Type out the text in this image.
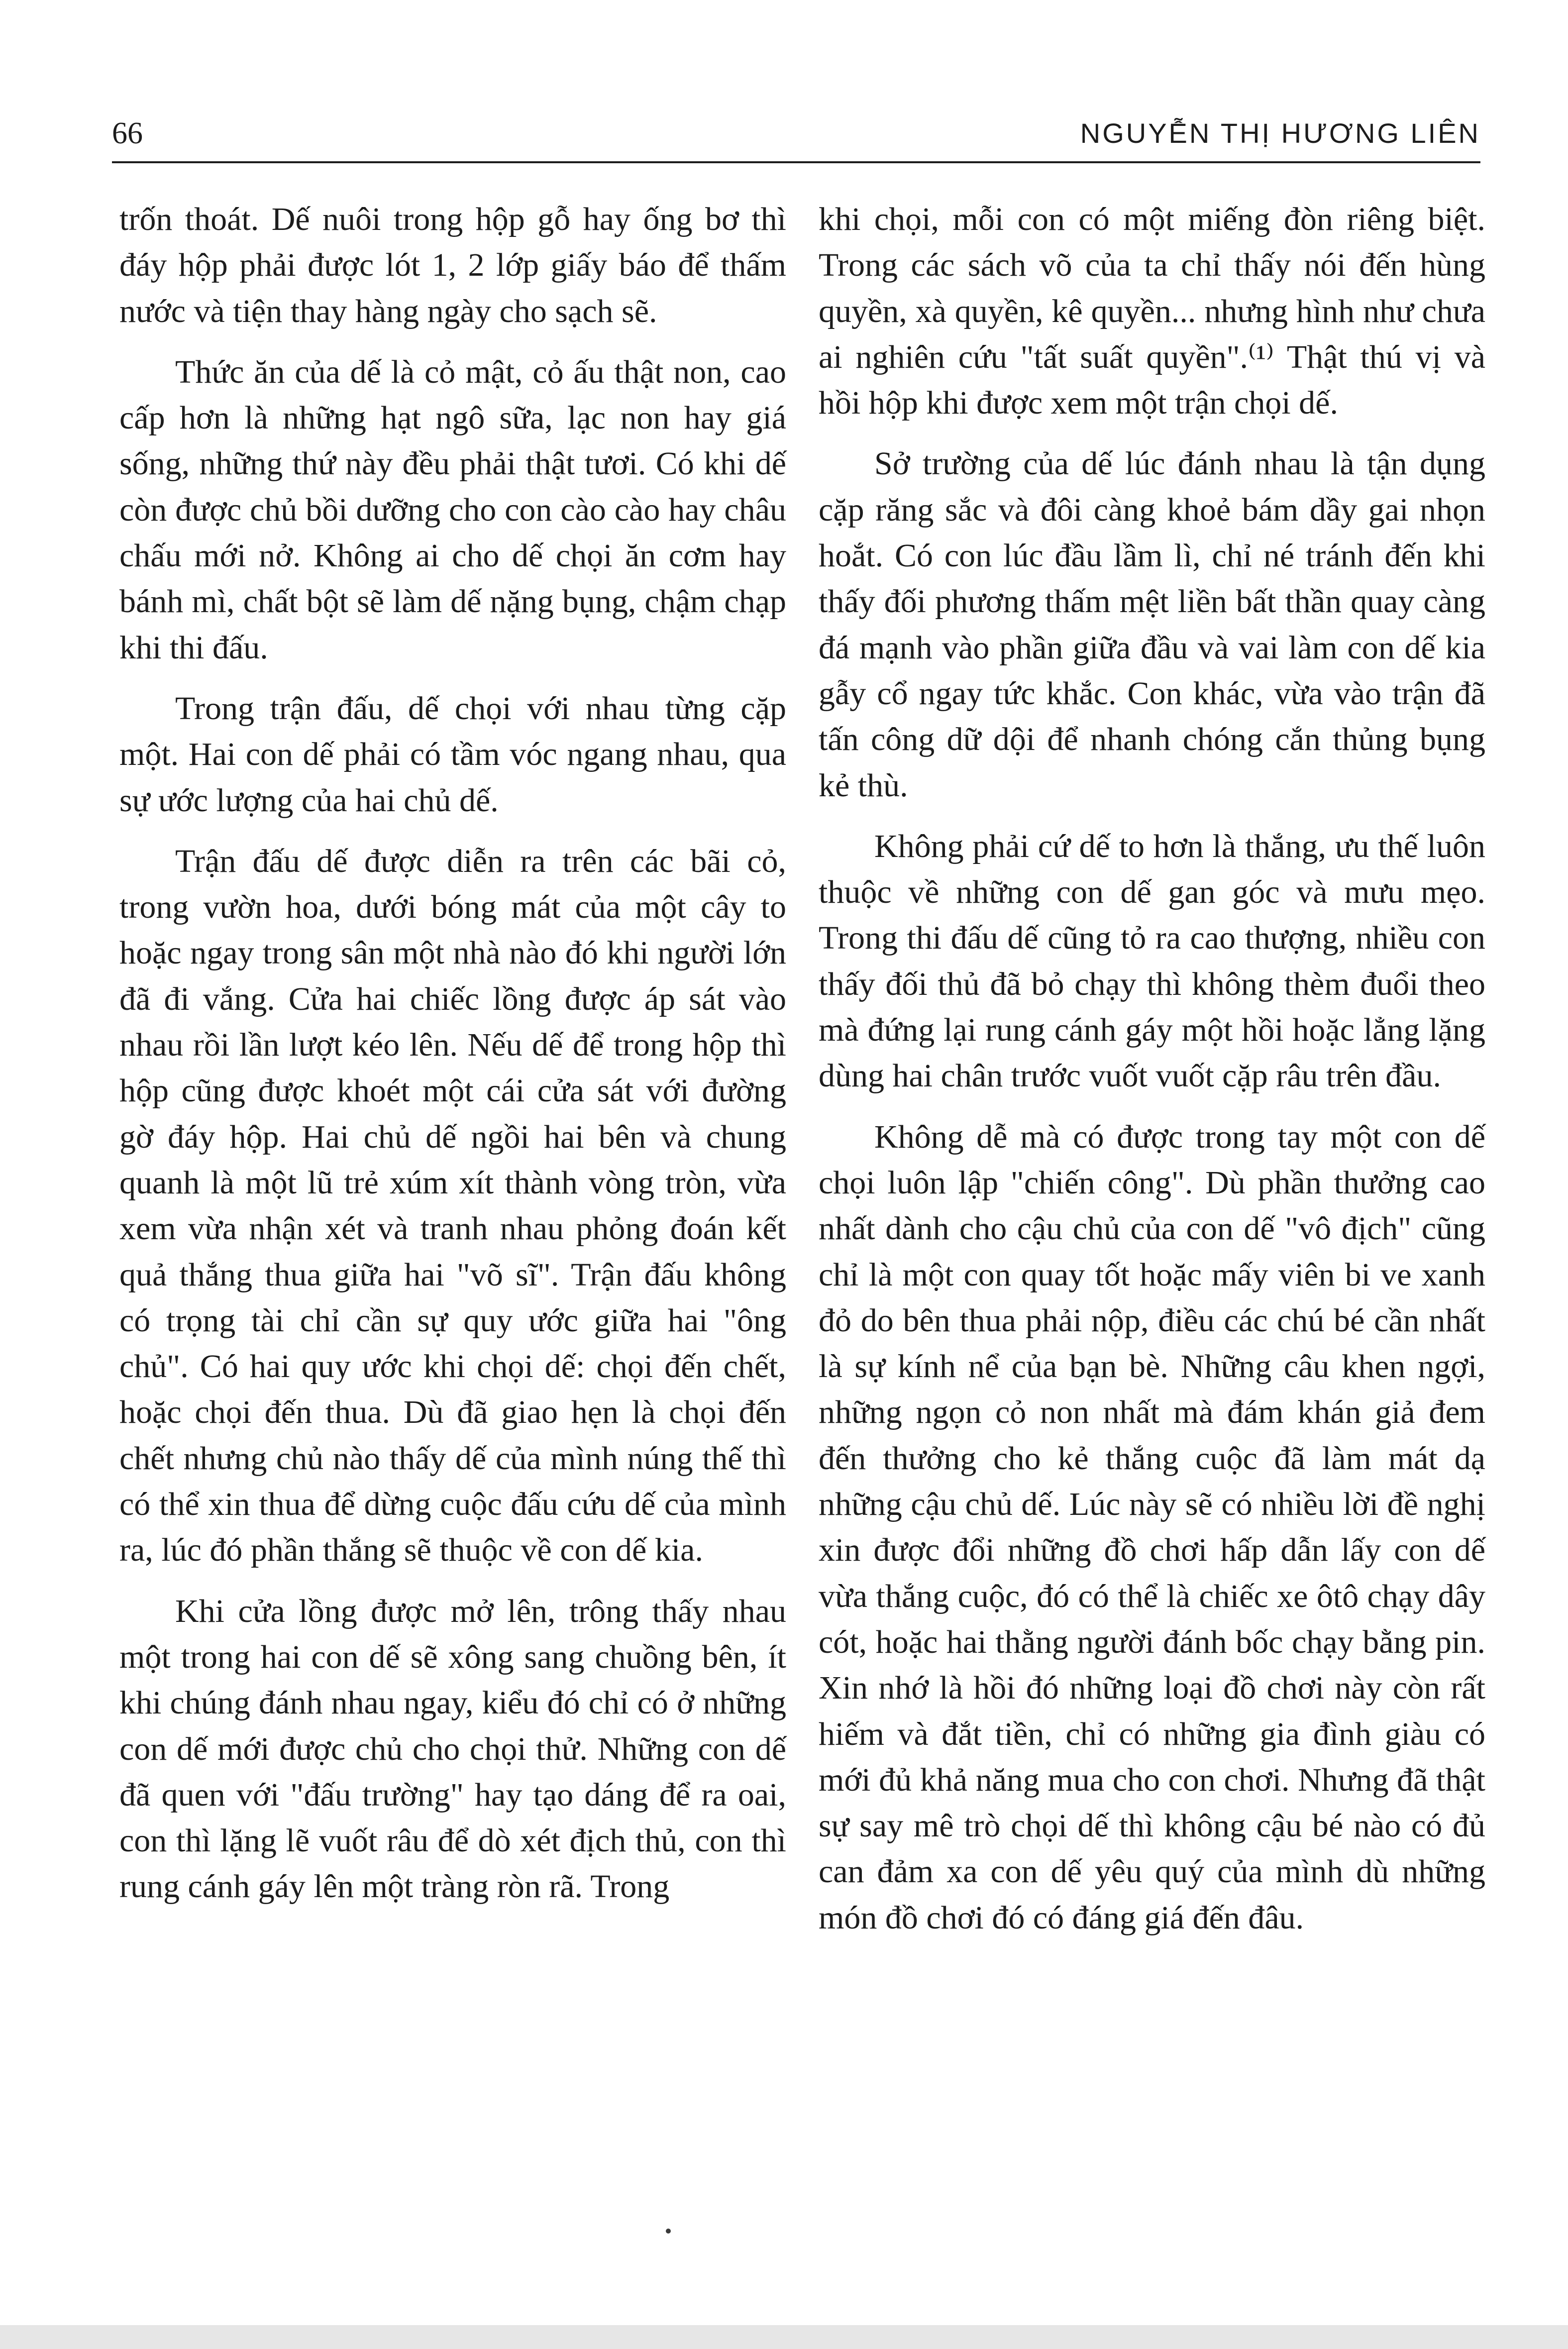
66	NGUYỄN THỊ HƯƠNG LIÊN

trốn thoát. Dế nuôi trong hộp gỗ hay ống bơ thì đáy hộp phải được lót 1, 2 lớp giấy báo để thấm nước và tiện thay hàng ngày cho sạch sẽ.

Thức ăn của dế là cỏ mật, cỏ ấu thật non, cao cấp hơn là những hạt ngô sữa, lạc non hay giá sống, những thứ này đều phải thật tươi. Có khi dế còn được chủ bồi dưỡng cho con cào cào hay châu chấu mới nở. Không ai cho dế chọi ăn cơm hay bánh mì, chất bột sẽ làm dế nặng bụng, chậm chạp khi thi đấu.

Trong trận đấu, dế chọi với nhau từng cặp một. Hai con dế phải có tầm vóc ngang nhau, qua sự ước lượng của hai chủ dế.

Trận đấu dế được diễn ra trên các bãi cỏ, trong vườn hoa, dưới bóng mát của một cây to hoặc ngay trong sân một nhà nào đó khi người lớn đã đi vắng. Cửa hai chiếc lồng được áp sát vào nhau rồi lần lượt kéo lên. Nếu dế để trong hộp thì hộp cũng được khoét một cái cửa sát với đường gờ đáy hộp. Hai chủ dế ngồi hai bên và chung quanh là một lũ trẻ xúm xít thành vòng tròn, vừa xem vừa nhận xét và tranh nhau phỏng đoán kết quả thắng thua giữa hai "võ sĩ". Trận đấu không có trọng tài chỉ cần sự quy ước giữa hai "ông chủ". Có hai quy ước khi chọi dế: chọi đến chết, hoặc chọi đến thua. Dù đã giao hẹn là chọi đến chết nhưng chủ nào thấy dế của mình núng thế thì có thể xin thua để dừng cuộc đấu cứu dế của mình ra, lúc đó phần thắng sẽ thuộc về con dế kia.

Khi cửa lồng được mở lên, trông thấy nhau một trong hai con dế sẽ xông sang chuồng bên, ít khi chúng đánh nhau ngay, kiểu đó chỉ có ở những con dế mới được chủ cho chọi thử. Những con dế đã quen với "đấu trường" hay tạo dáng để ra oai, con thì lặng lẽ vuốt râu để dò xét địch thủ, con thì rung cánh gáy lên một tràng ròn rã. Trong

khi chọi, mỗi con có một miếng đòn riêng biệt. Trong các sách võ của ta chỉ thấy nói đến hùng quyền, xà quyền, kê quyền... nhưng hình như chưa ai nghiên cứu "tất suất quyền".⁽¹⁾ Thật thú vị và hồi hộp khi được xem một trận chọi dế.

Sở trường của dế lúc đánh nhau là tận dụng cặp răng sắc và đôi càng khoẻ bám dầy gai nhọn hoắt. Có con lúc đầu lầm lì, chỉ né tránh đến khi thấy đối phương thấm mệt liền bất thần quay càng đá mạnh vào phần giữa đầu và vai làm con dế kia gẫy cổ ngay tức khắc. Con khác, vừa vào trận đã tấn công dữ dội để nhanh chóng cắn thủng bụng kẻ thù.

Không phải cứ dế to hơn là thắng, ưu thế luôn thuộc về những con dế gan góc và mưu mẹo. Trong thi đấu dế cũng tỏ ra cao thượng, nhiều con thấy đối thủ đã bỏ chạy thì không thèm đuổi theo mà đứng lại rung cánh gáy một hồi hoặc lẳng lặng dùng hai chân trước vuốt vuốt cặp râu trên đầu.

Không dễ mà có được trong tay một con dế chọi luôn lập "chiến công". Dù phần thưởng cao nhất dành cho cậu chủ của con dế "vô địch" cũng chỉ là một con quay tốt hoặc mấy viên bi ve xanh đỏ do bên thua phải nộp, điều các chú bé cần nhất là sự kính nể của bạn bè. Những câu khen ngợi, những ngọn cỏ non nhất mà đám khán giả đem đến thưởng cho kẻ thắng cuộc đã làm mát dạ những cậu chủ dế. Lúc này sẽ có nhiều lời đề nghị xin được đổi những đồ chơi hấp dẫn lấy con dế vừa thắng cuộc, đó có thể là chiếc xe ôtô chạy dây cót, hoặc hai thằng người đánh bốc chạy bằng pin. Xin nhớ là hồi đó những loại đồ chơi này còn rất hiếm và đắt tiền, chỉ có những gia đình giàu có mới đủ khả năng mua cho con chơi. Nhưng đã thật sự say mê trò chọi dế thì không cậu bé nào có đủ can đảm xa con dế yêu quý của mình dù những món đồ chơi đó có đáng giá đến đâu.
